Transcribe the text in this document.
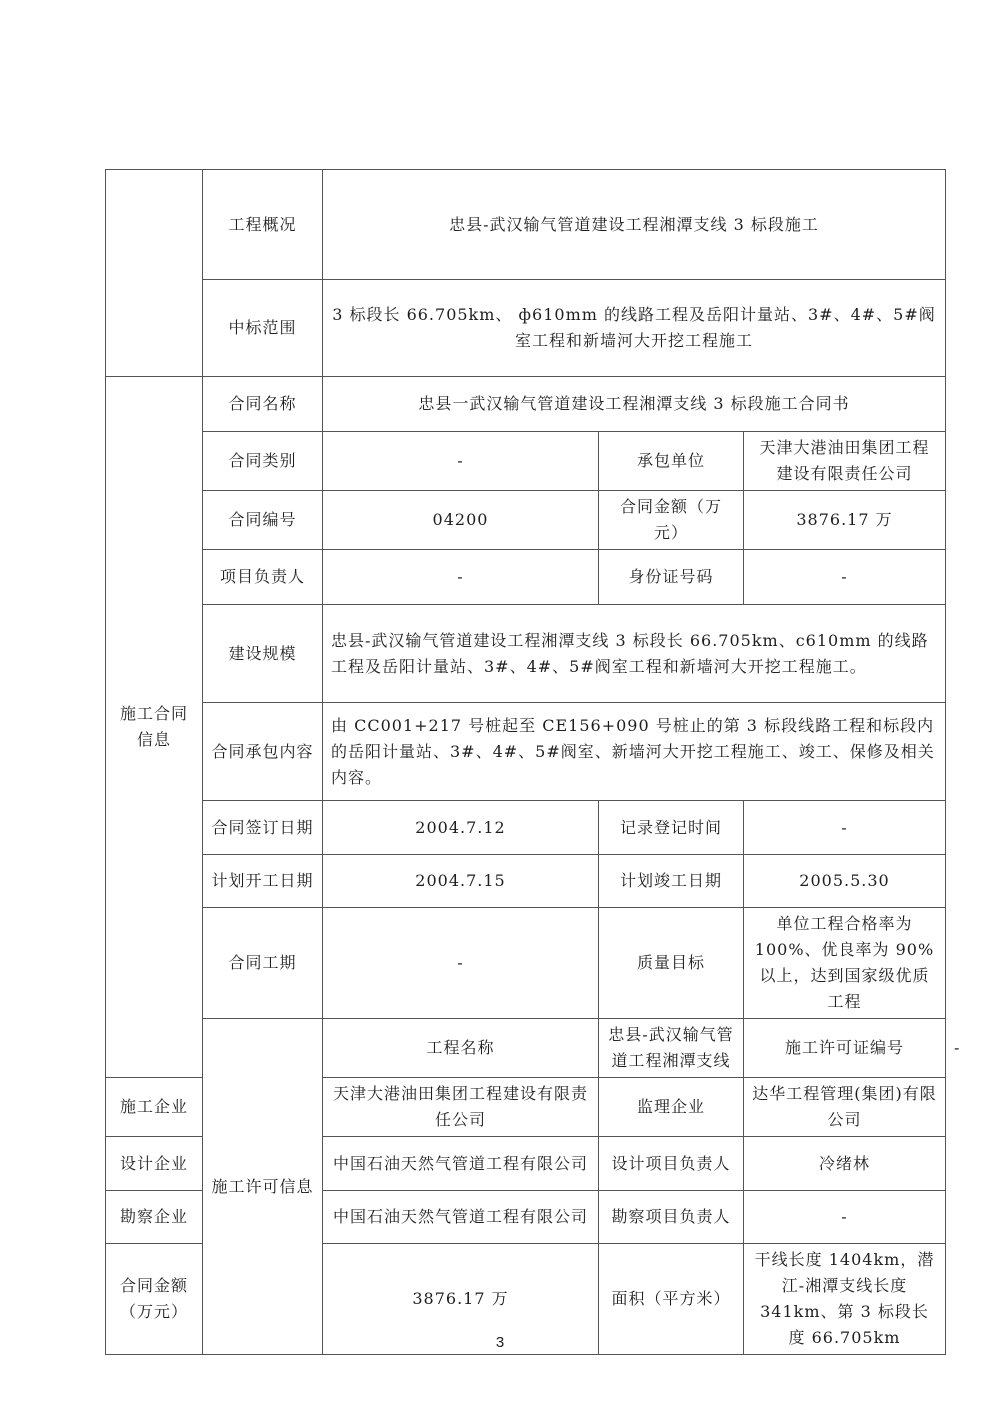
	工程概况	忠县-武汉输气管道建设工程湘潭支线 3 标段施工			
	中标范围	3 标段长 66.705km、 ф610mm 的线路工程及岳阳计量站、3#、4#、5#阀室工程和新墙河大开挖工程施工			
施工合同信息	合同名称	忠县一武汉输气管道建设工程湘潭支线 3 标段施工合同书			
	合同类别	-	承包单位	天津大港油田集团工程建设有限责任公司	
	合同编号	04200	合同金额（万元）	3876.17 万	
	项目负责人	-	身份证号码	-	
	建设规模	忠县-武汉输气管道建设工程湘潭支线 3 标段长 66.705km、c610mm 的线路工程及岳阳计量站、3#、4#、5#阀室工程和新墙河大开挖工程施工。			
	合同承包内容	由 CC001+217 号桩起至 CE156+090 号桩止的第 3 标段线路工程和标段内的岳阳计量站、3#、4#、5#阀室、新墙河大开挖工程施工、竣工、保修及相关内容。			
	合同签订日期	2004.7.12	记录登记时间	-	
	计划开工日期	2004.7.15	计划竣工日期	2005.5.30	
	合同工期	-	质量目标	单位工程合格率为 100%、优良率为 90%以上，达到国家级优质工程	
	施工许可信息	工程名称	忠县-武汉输气管道工程湘潭支线	施工许可证编号	-
施工企业		天津大港油田集团工程建设有限责任公司	监理企业	达华工程管理(集团)有限公司	
设计企业		中国石油天然气管道工程有限公司	设计项目负责人	冷绪林	
勘察企业		中国石油天然气管道工程有限公司	勘察项目负责人	-	
合同金额（万元）		3876.17 万	面积（平方米）	干线长度 1404km，潜江-湘潭支线长度 341km、第 3 标段长度 66.705km	
3
